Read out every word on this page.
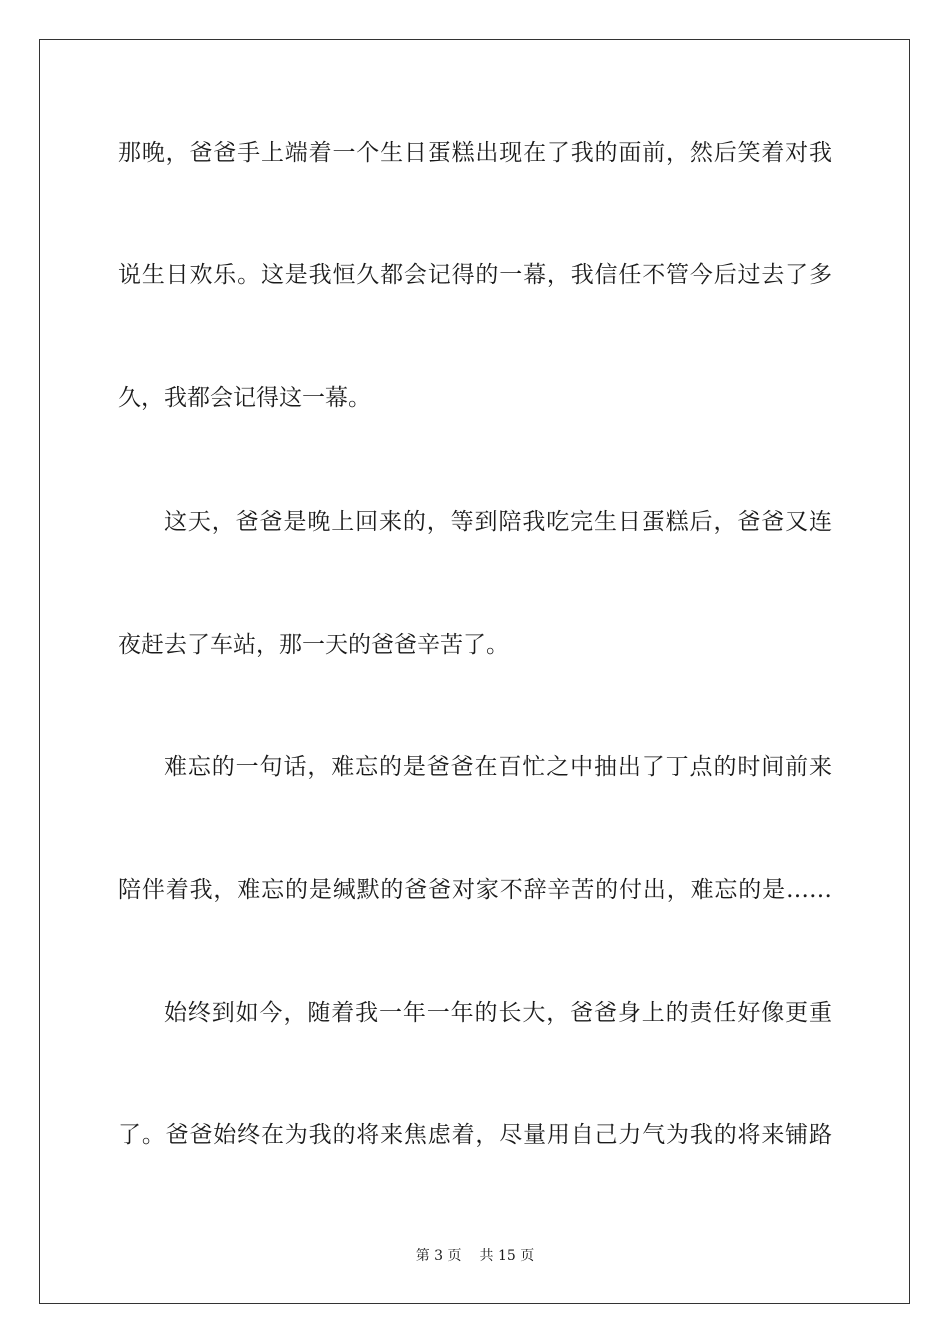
那晚，爸爸手上端着一个生日蛋糕出现在了我的面前，然后笑着对我
说生日欢乐。这是我恒久都会记得的一幕，我信任不管今后过去了多
久，我都会记得这一幕。
这天，爸爸是晚上回来的，等到陪我吃完生日蛋糕后，爸爸又连
夜赶去了车站，那一天的爸爸辛苦了。
难忘的一句话，难忘的是爸爸在百忙之中抽出了丁点的时间前来
陪伴着我，难忘的是缄默的爸爸对家不辞辛苦的付出，难忘的是……
始终到如今，随着我一年一年的长大，爸爸身上的责任好像更重
了。爸爸始终在为我的将来焦虑着，尽量用自己力气为我的将来铺路
第 3 页 共 15 页
